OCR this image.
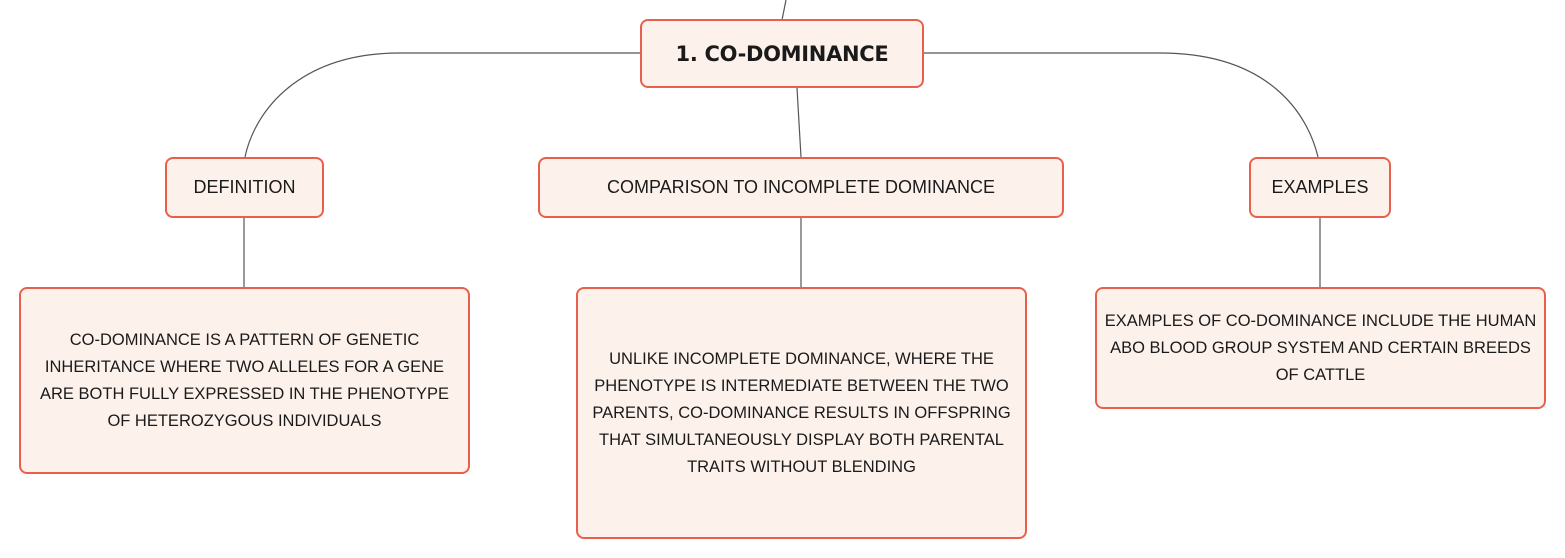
1. CO-DOMINANCE
DEFINITION	COMPARISON TO INCOMPLETE DOMINANCE	EXAMPLES
CO-DOMINANCE IS A PATTERN OF GENETIC INHERITANCE WHERE TWO ALLELES FOR A GENE ARE BOTH FULLY EXPRESSED IN THE PHENOTYPE OF HETEROZYGOUS INDIVIDUALS
UNLIKE INCOMPLETE DOMINANCE, WHERE THE PHENOTYPE IS INTERMEDIATE BETWEEN THE TWO PARENTS, CO-DOMINANCE RESULTS IN OFFSPRING THAT SIMULTANEOUSLY DISPLAY BOTH PARENTAL TRAITS WITHOUT BLENDING
EXAMPLES OF CO-DOMINANCE INCLUDE THE HUMAN ABO BLOOD GROUP SYSTEM AND CERTAIN BREEDS OF CATTLE
